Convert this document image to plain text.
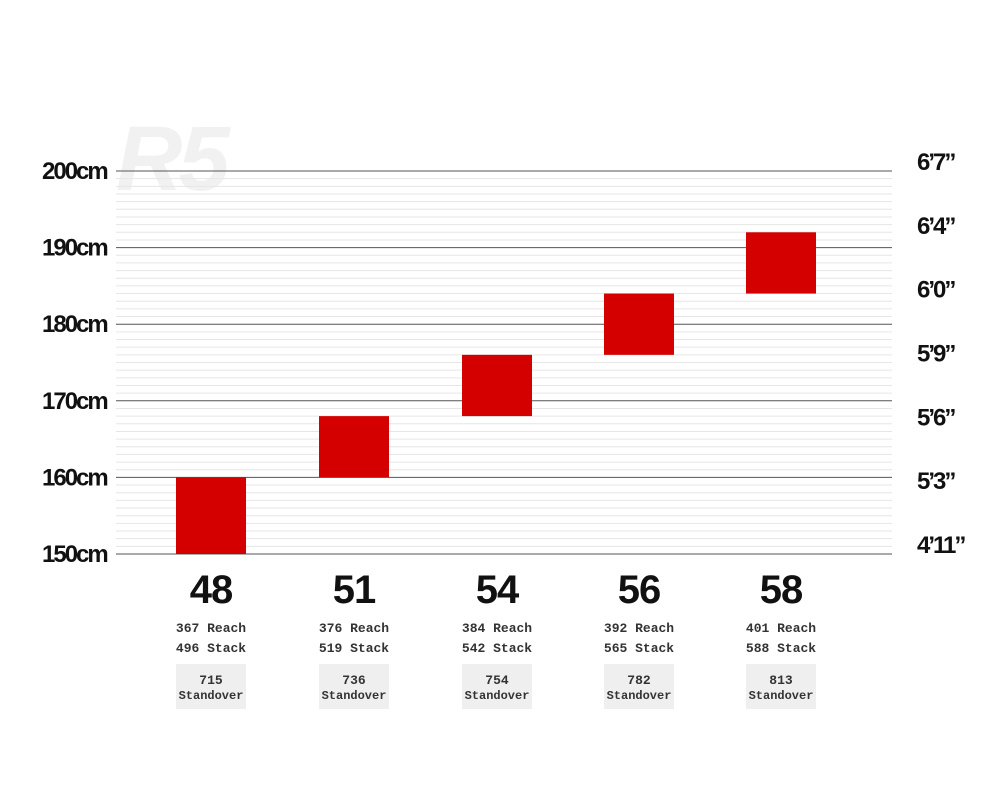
R5
200cm
190cm
180cm
170cm
160cm
150cm
6’7”
6’4”
6’0”
5’9”
5’6”
5’3”
4’11”
48
367 Reach
496 Stack
715
Standover
51
376 Reach
519 Stack
736
Standover
54
384 Reach
542 Stack
754
Standover
56
392 Reach
565 Stack
782
Standover
58
401 Reach
588 Stack
813
Standover
